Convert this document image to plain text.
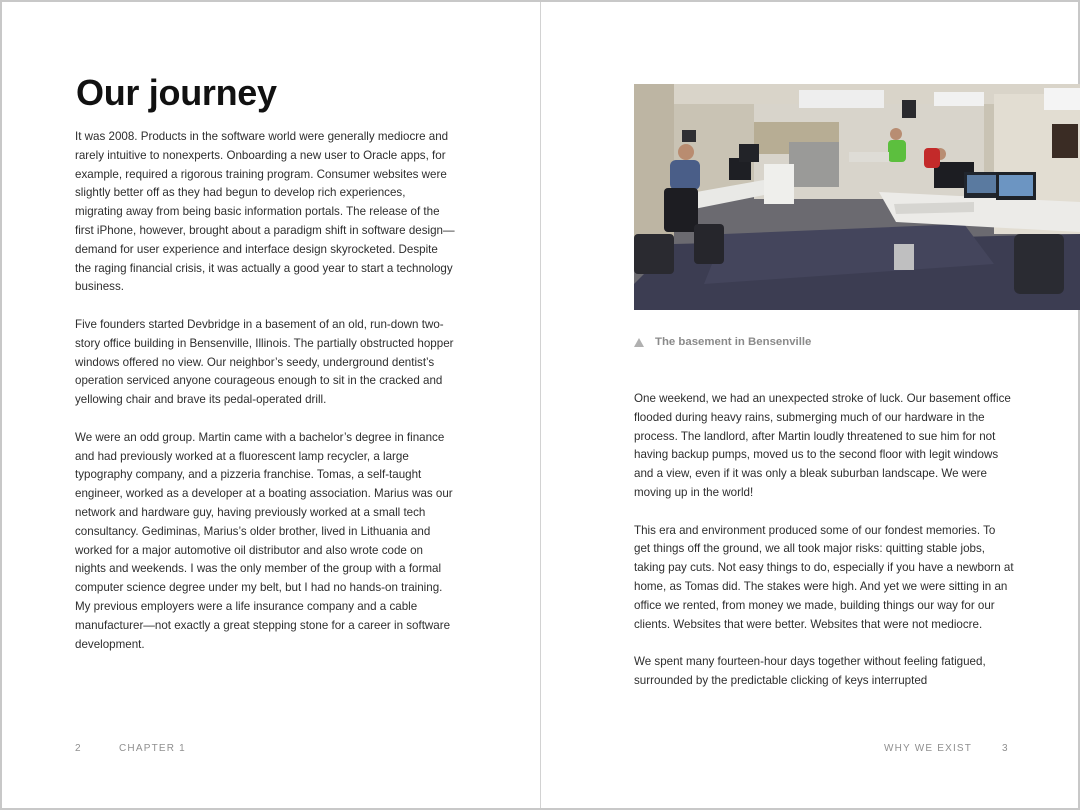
Our journey

It was 2008. Products in the software world were generally mediocre and rarely intuitive to nonexperts. Onboarding a new user to Oracle apps, for example, required a rigorous training program. Consumer websites were slightly better off as they had begun to develop rich experiences, migrating away from being basic information portals. The release of the first iPhone, however, brought about a paradigm shift in software design—demand for user experience and interface design skyrocketed. Despite the raging financial crisis, it was actually a good year to start a technology business.

Five founders started Devbridge in a basement of an old, run-down two-story office building in Bensenville, Illinois. The partially obstructed hopper windows offered no view. Our neighbor’s seedy, underground dentist’s operation serviced anyone courageous enough to sit in the cracked and yellowing chair and brave its pedal-operated drill.

We were an odd group. Martin came with a bachelor’s degree in finance and had previously worked at a fluorescent lamp recycler, a large typography company, and a pizzeria franchise. Tomas, a self-taught engineer, worked as a developer at a boating association. Marius was our network and hardware guy, having previously worked at a small tech consultancy. Gediminas, Marius’s older brother, lived in Lithuania and worked for a major automotive oil distributor and also wrote code on nights and weekends. I was the only member of the group with a formal computer science degree under my belt, but I had no hands-on training. My previous employers were a life insurance company and a cable manufacturer—not exactly a great stepping stone for a career in software development.

2	CHAPTER 1
The basement in Bensenville

One weekend, we had an unexpected stroke of luck. Our basement office flooded during heavy rains, submerging much of our hardware in the process. The landlord, after Martin loudly threatened to sue him for not having backup pumps, moved us to the second floor with legit windows and a view, even if it was only a bleak suburban landscape. We were moving up in the world!

This era and environment produced some of our fondest memories. To get things off the ground, we all took major risks: quitting stable jobs, taking pay cuts. Not easy things to do, especially if you have a newborn at home, as Tomas did. The stakes were high. And yet we were sitting in an office we rented, from money we made, building things our way for our clients. Websites that were better. Websites that were not mediocre.

We spent many fourteen-hour days together without feeling fatigued, surrounded by the predictable clicking of keys interrupted

WHY WE EXIST	3
